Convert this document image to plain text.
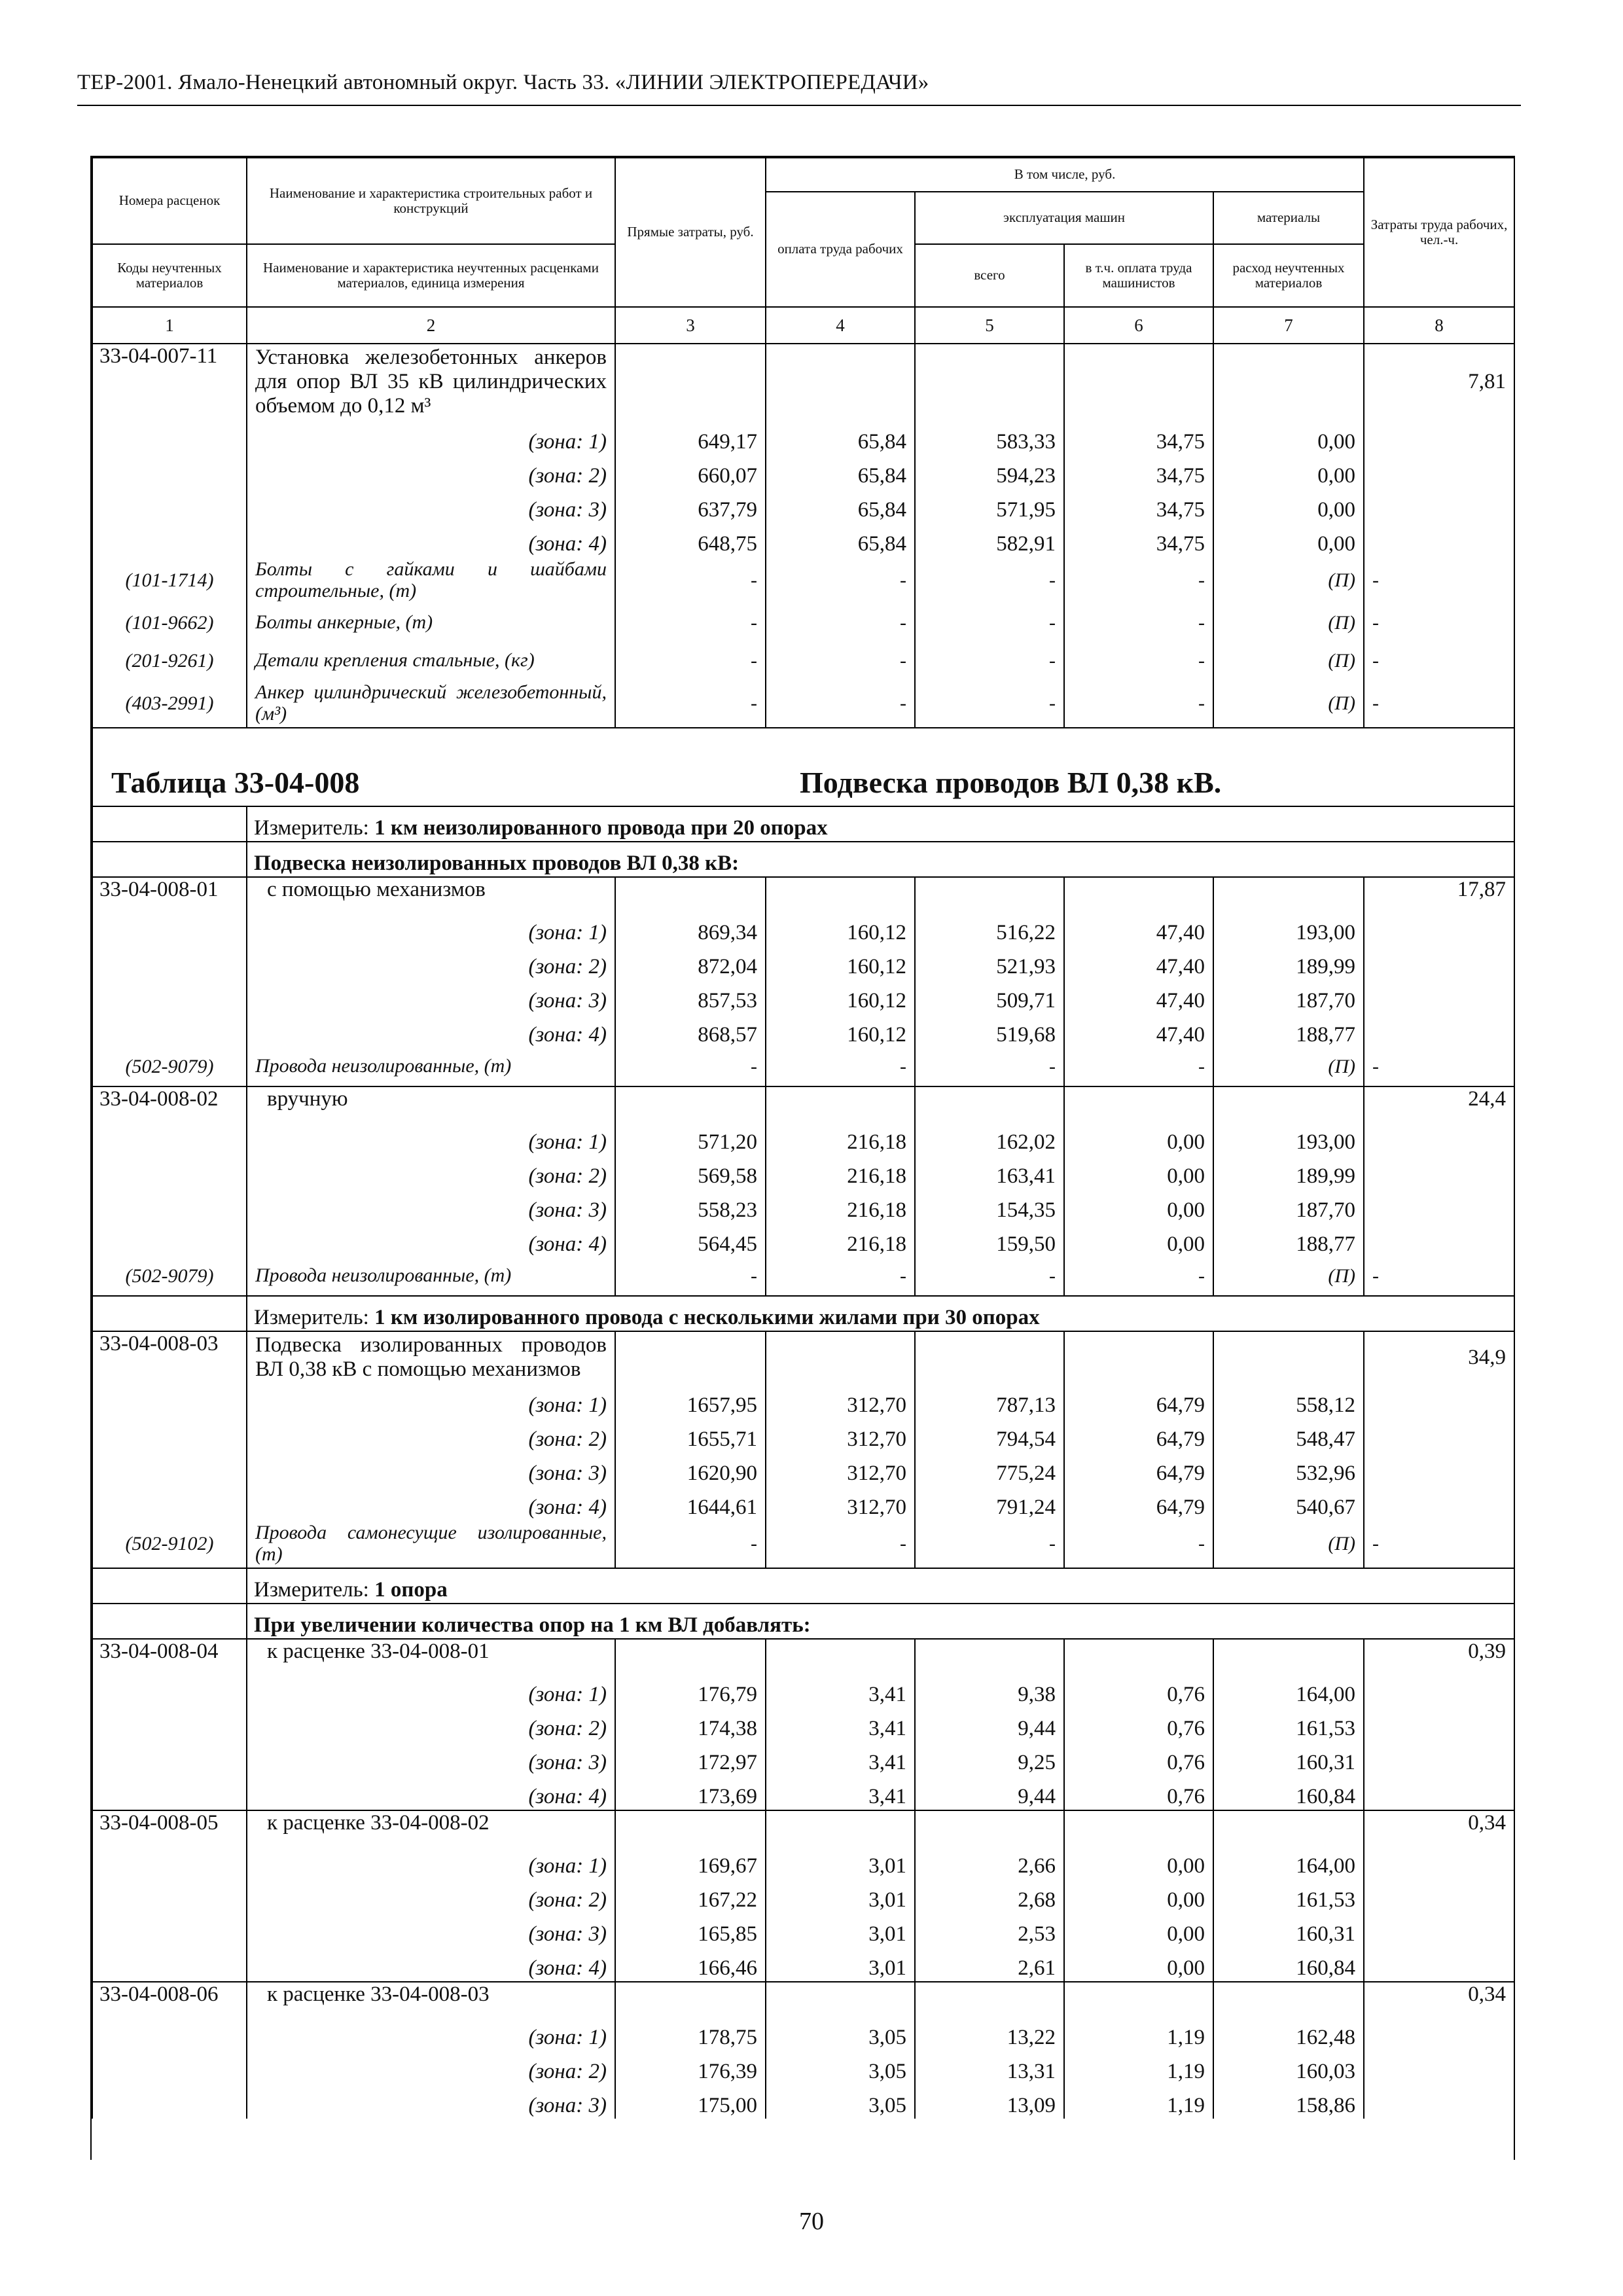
ТЕР-2001. Ямало-Ненецкий автономный округ. Часть 33. «ЛИНИИ ЭЛЕКТРОПЕРЕДАЧИ»
Номера расценок	Наименование и характеристика строительных работ и конструкций	Прямые затраты, руб.	В том числе, руб.				Затраты труда рабочих, чел.-ч.
			оплата труда рабочих	эксплуатация машин		материалы	
Коды неучтенных материалов	Наименование и характеристика неучтенных расценками материалов, единица измерения			всего	в т.ч. оплата труда машинистов	расход неучтенных материалов	
1	2	3	4	5	6	7	8
33-04-007-11	Установка железобетонных анкеров для опор ВЛ 35 кВ цилиндрических объемом до 0,12 м³						7,81
	(зона: 1)	649,17	65,84	583,33	34,75	0,00	
	(зона: 2)	660,07	65,84	594,23	34,75	0,00	
	(зона: 3)	637,79	65,84	571,95	34,75	0,00	
	(зона: 4)	648,75	65,84	582,91	34,75	0,00	
(101-1714)	Болты с гайками и шайбами строительные, (т)	-	-	-	-	(П)	-
(101-9662)	Болты анкерные, (т)	-	-	-	-	(П)	-
(201-9261)	Детали крепления стальные, (кг)	-	-	-	-	(П)	-
(403-2991)	Анкер цилиндрический железобетонный, (м³)	-	-	-	-	(П)	-
Таблица 33-04-008			Подвеска проводов ВЛ 0,38 кВ.				
	Измеритель: 1 км неизолированного провода при 20 опорах						
	Подвеска неизолированных проводов ВЛ 0,38 кВ:						
33-04-008-01	с помощью механизмов						17,87
	(зона: 1)	869,34	160,12	516,22	47,40	193,00	
	(зона: 2)	872,04	160,12	521,93	47,40	189,99	
	(зона: 3)	857,53	160,12	509,71	47,40	187,70	
	(зона: 4)	868,57	160,12	519,68	47,40	188,77	
(502-9079)	Провода неизолированные, (т)	-	-	-	-	(П)	-
33-04-008-02	вручную						24,4
	(зона: 1)	571,20	216,18	162,02	0,00	193,00	
	(зона: 2)	569,58	216,18	163,41	0,00	189,99	
	(зона: 3)	558,23	216,18	154,35	0,00	187,70	
	(зона: 4)	564,45	216,18	159,50	0,00	188,77	
(502-9079)	Провода неизолированные, (т)	-	-	-	-	(П)	-
	Измеритель: 1 км изолированного провода с несколькими жилами при 30 опорах						
33-04-008-03	Подвеска изолированных проводов ВЛ 0,38 кВ с помощью механизмов						34,9
	(зона: 1)	1657,95	312,70	787,13	64,79	558,12	
	(зона: 2)	1655,71	312,70	794,54	64,79	548,47	
	(зона: 3)	1620,90	312,70	775,24	64,79	532,96	
	(зона: 4)	1644,61	312,70	791,24	64,79	540,67	
(502-9102)	Провода самонесущие изолированные, (т)	-	-	-	-	(П)	-
	Измеритель: 1 опора						
	При увеличении количества опор на 1 км ВЛ добавлять:						
33-04-008-04	к расценке 33-04-008-01						0,39
	(зона: 1)	176,79	3,41	9,38	0,76	164,00	
	(зона: 2)	174,38	3,41	9,44	0,76	161,53	
	(зона: 3)	172,97	3,41	9,25	0,76	160,31	
	(зона: 4)	173,69	3,41	9,44	0,76	160,84	
33-04-008-05	к расценке 33-04-008-02						0,34
	(зона: 1)	169,67	3,01	2,66	0,00	164,00	
	(зона: 2)	167,22	3,01	2,68	0,00	161,53	
	(зона: 3)	165,85	3,01	2,53	0,00	160,31	
	(зона: 4)	166,46	3,01	2,61	0,00	160,84	
33-04-008-06	к расценке 33-04-008-03						0,34
	(зона: 1)	178,75	3,05	13,22	1,19	162,48	
	(зона: 2)	176,39	3,05	13,31	1,19	160,03	
	(зона: 3)	175,00	3,05	13,09	1,19	158,86	
70
